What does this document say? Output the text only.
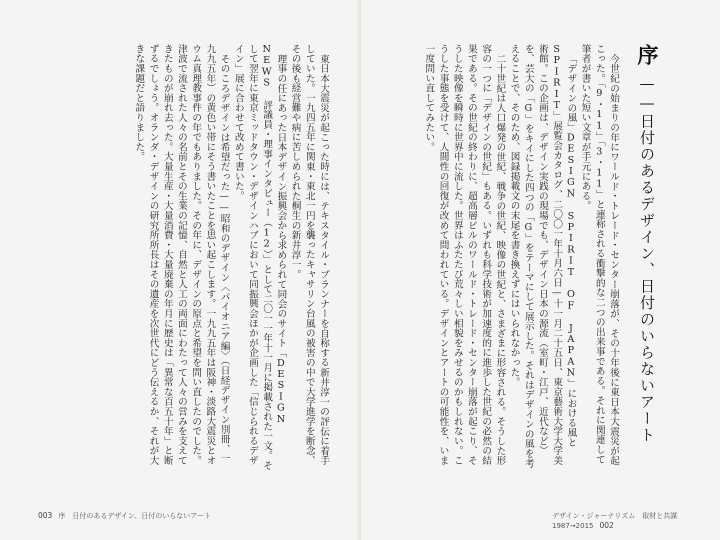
序——日付のあるデザイン、日付のいらないアート
今世紀の始まりの年にワールド・トレード・センター崩落が、その十年後に東日本大震災が起こった。「9・11」「3・11」と連称される衝撃的な二つの出来事である。それに関連して筆者が書いた短い文章が手元にある。
「デザインの風」DESIGN SPIRIT OF JAPAN」における風とSPIRIT」展覧会カタログ、二〇〇一年十月六日—十一月二十五日、東京藝術大学大学美術館。この企画は、デザイン実践の現場でも、デザイン日本の源流（室町・江戸、近代など）を、芸大の「G」をキイにした四つの「G」をテーマにして展示した。それはデザインの風を考えることで、そのため、図録掲載文の末尾を書き換えずにはいられなかった。
二十世紀は人口爆発の世紀、戦争の世紀、映像の世紀と、さまざまに形容される。そうした形容の一つに「デザインの世紀」もある。いずれも科学技術が加速度的に進歩した世紀の必然の結果である。その世紀の終わりに、超高層ビルのワールド・トレード・センター崩落が起こり、そうした映像を瞬時に世界中に流した。世界はふたたび荒々しい相貌をみせるのかもしれない。こうした事態を受けて、人間性の回復が改めて問われている。デザインとアートの可能性を、いま一度問い直してみたい。
東日本大震災が起こった時には、テキスタイル・プランナーを自称する新井淳一の評伝に着手していた。一九四五年に関東・東北一円を襲ったキャサリン台風の被害の中で大学進学を断念、その後も経営難や病に苦しめられた桐生の新井淳一。
理事の任にあった日本デザイン振興会から求められて同会のサイト「DESIGN NEWS 評議員・理事インタビュー（12）」として二〇一一年十一月に掲載された一文。そして翌年に東京ミッドタウン・デザインハブにおいて同振興会ほかが企画した「信じられるデザイン」展に合わせて改めて書いた。
そのころデザインは希望だった——昭和のデザイン〈パイオニア編〉（日経デザイン別冊、一九九五年）の黄色い帯にそう書いたことを思い起こします。一九九五年は阪神・淡路大震災とオウム真理教事件の年でもありました。その年に、デザインの原点と希望を問い直したのでした。津波で流された人々の名前とその生業の記憶、自然と人工の両面にわたって人々の営みを支えてきたものが崩れ去った。大量生産・大量消費・大量廃棄の年月に歴史は「異常な百五十年」と断ずるでしょう。オランダ・デザインの研究所所長はその遺産を次世代にどう伝えるか、それが大きな課題だと語りました。
003 序　日付のあるデザイン、日付のいらないアート	デザイン・ジャーナリズム　取材と共謀 1987→2015 002
